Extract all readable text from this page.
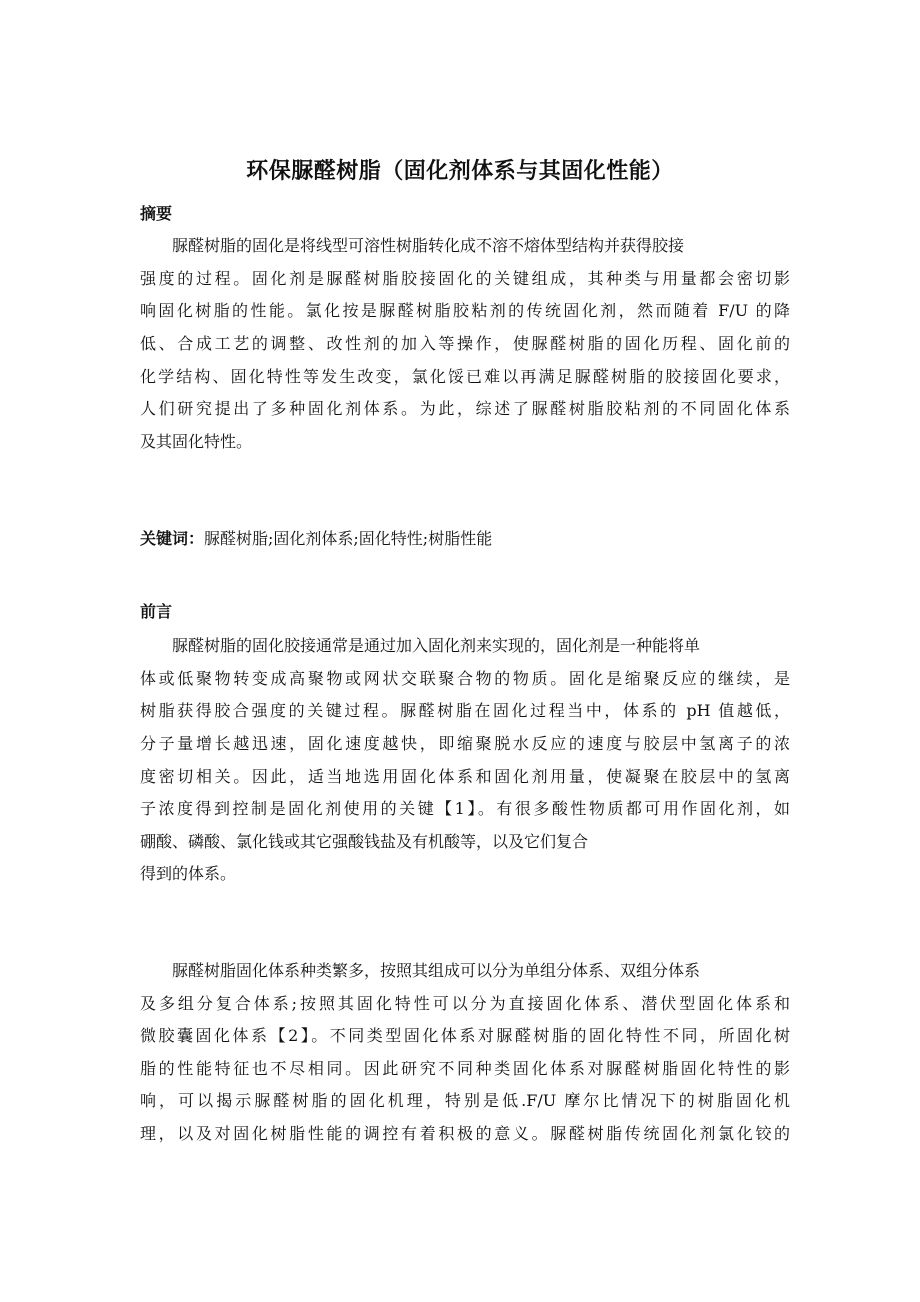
环保脲醛树脂（固化剂体系与其固化性能）
摘要
脲醛树脂的固化是将线型可溶性树脂转化成不溶不熔体型结构并获得胶接
强度的过程。固化剂是脲醛树脂胶接固化的关键组成，其种类与用量都会密切影
响固化树脂的性能。氯化按是脲醛树脂胶粘剂的传统固化剂，然而随着 F/U 的降
低、合成工艺的调整、改性剂的加入等操作，使脲醛树脂的固化历程、固化前的
化学结构、固化特性等发生改变，氯化馁已难以再满足脲醛树脂的胶接固化要求，
人们研究提出了多种固化剂体系。为此，综述了脲醛树脂胶粘剂的不同固化体系
及其固化特性。
关键词：脲醛树脂;固化剂体系;固化特性;树脂性能
前言
脲醛树脂的固化胶接通常是通过加入固化剂来实现的，固化剂是一种能将单
体或低聚物转变成高聚物或网状交联聚合物的物质。固化是缩聚反应的继续，是
树脂获得胶合强度的关键过程。脲醛树脂在固化过程当中，体系的 pH 值越低，
分子量增长越迅速，固化速度越快，即缩聚脱水反应的速度与胶层中氢离子的浓
度密切相关。因此，适当地选用固化体系和固化剂用量，使凝聚在胶层中的氢离
子浓度得到控制是固化剂使用的关键【1】。有很多酸性物质都可用作固化剂，如
硼酸、磷酸、氯化钱或其它强酸钱盐及有机酸等，以及它们复合
得到的体系。
脲醛树脂固化体系种类繁多，按照其组成可以分为单组分体系、双组分体系
及多组分复合体系;按照其固化特性可以分为直接固化体系、潜伏型固化体系和
微胶囊固化体系【2】。不同类型固化体系对脲醛树脂的固化特性不同，所固化树
脂的性能特征也不尽相同。因此研究不同种类固化体系对脲醛树脂固化特性的影
响，可以揭示脲醛树脂的固化机理，特别是低.F/U 摩尔比情况下的树脂固化机
理，以及对固化树脂性能的调控有着积极的意义。脲醛树脂传统固化剂氯化铰的
